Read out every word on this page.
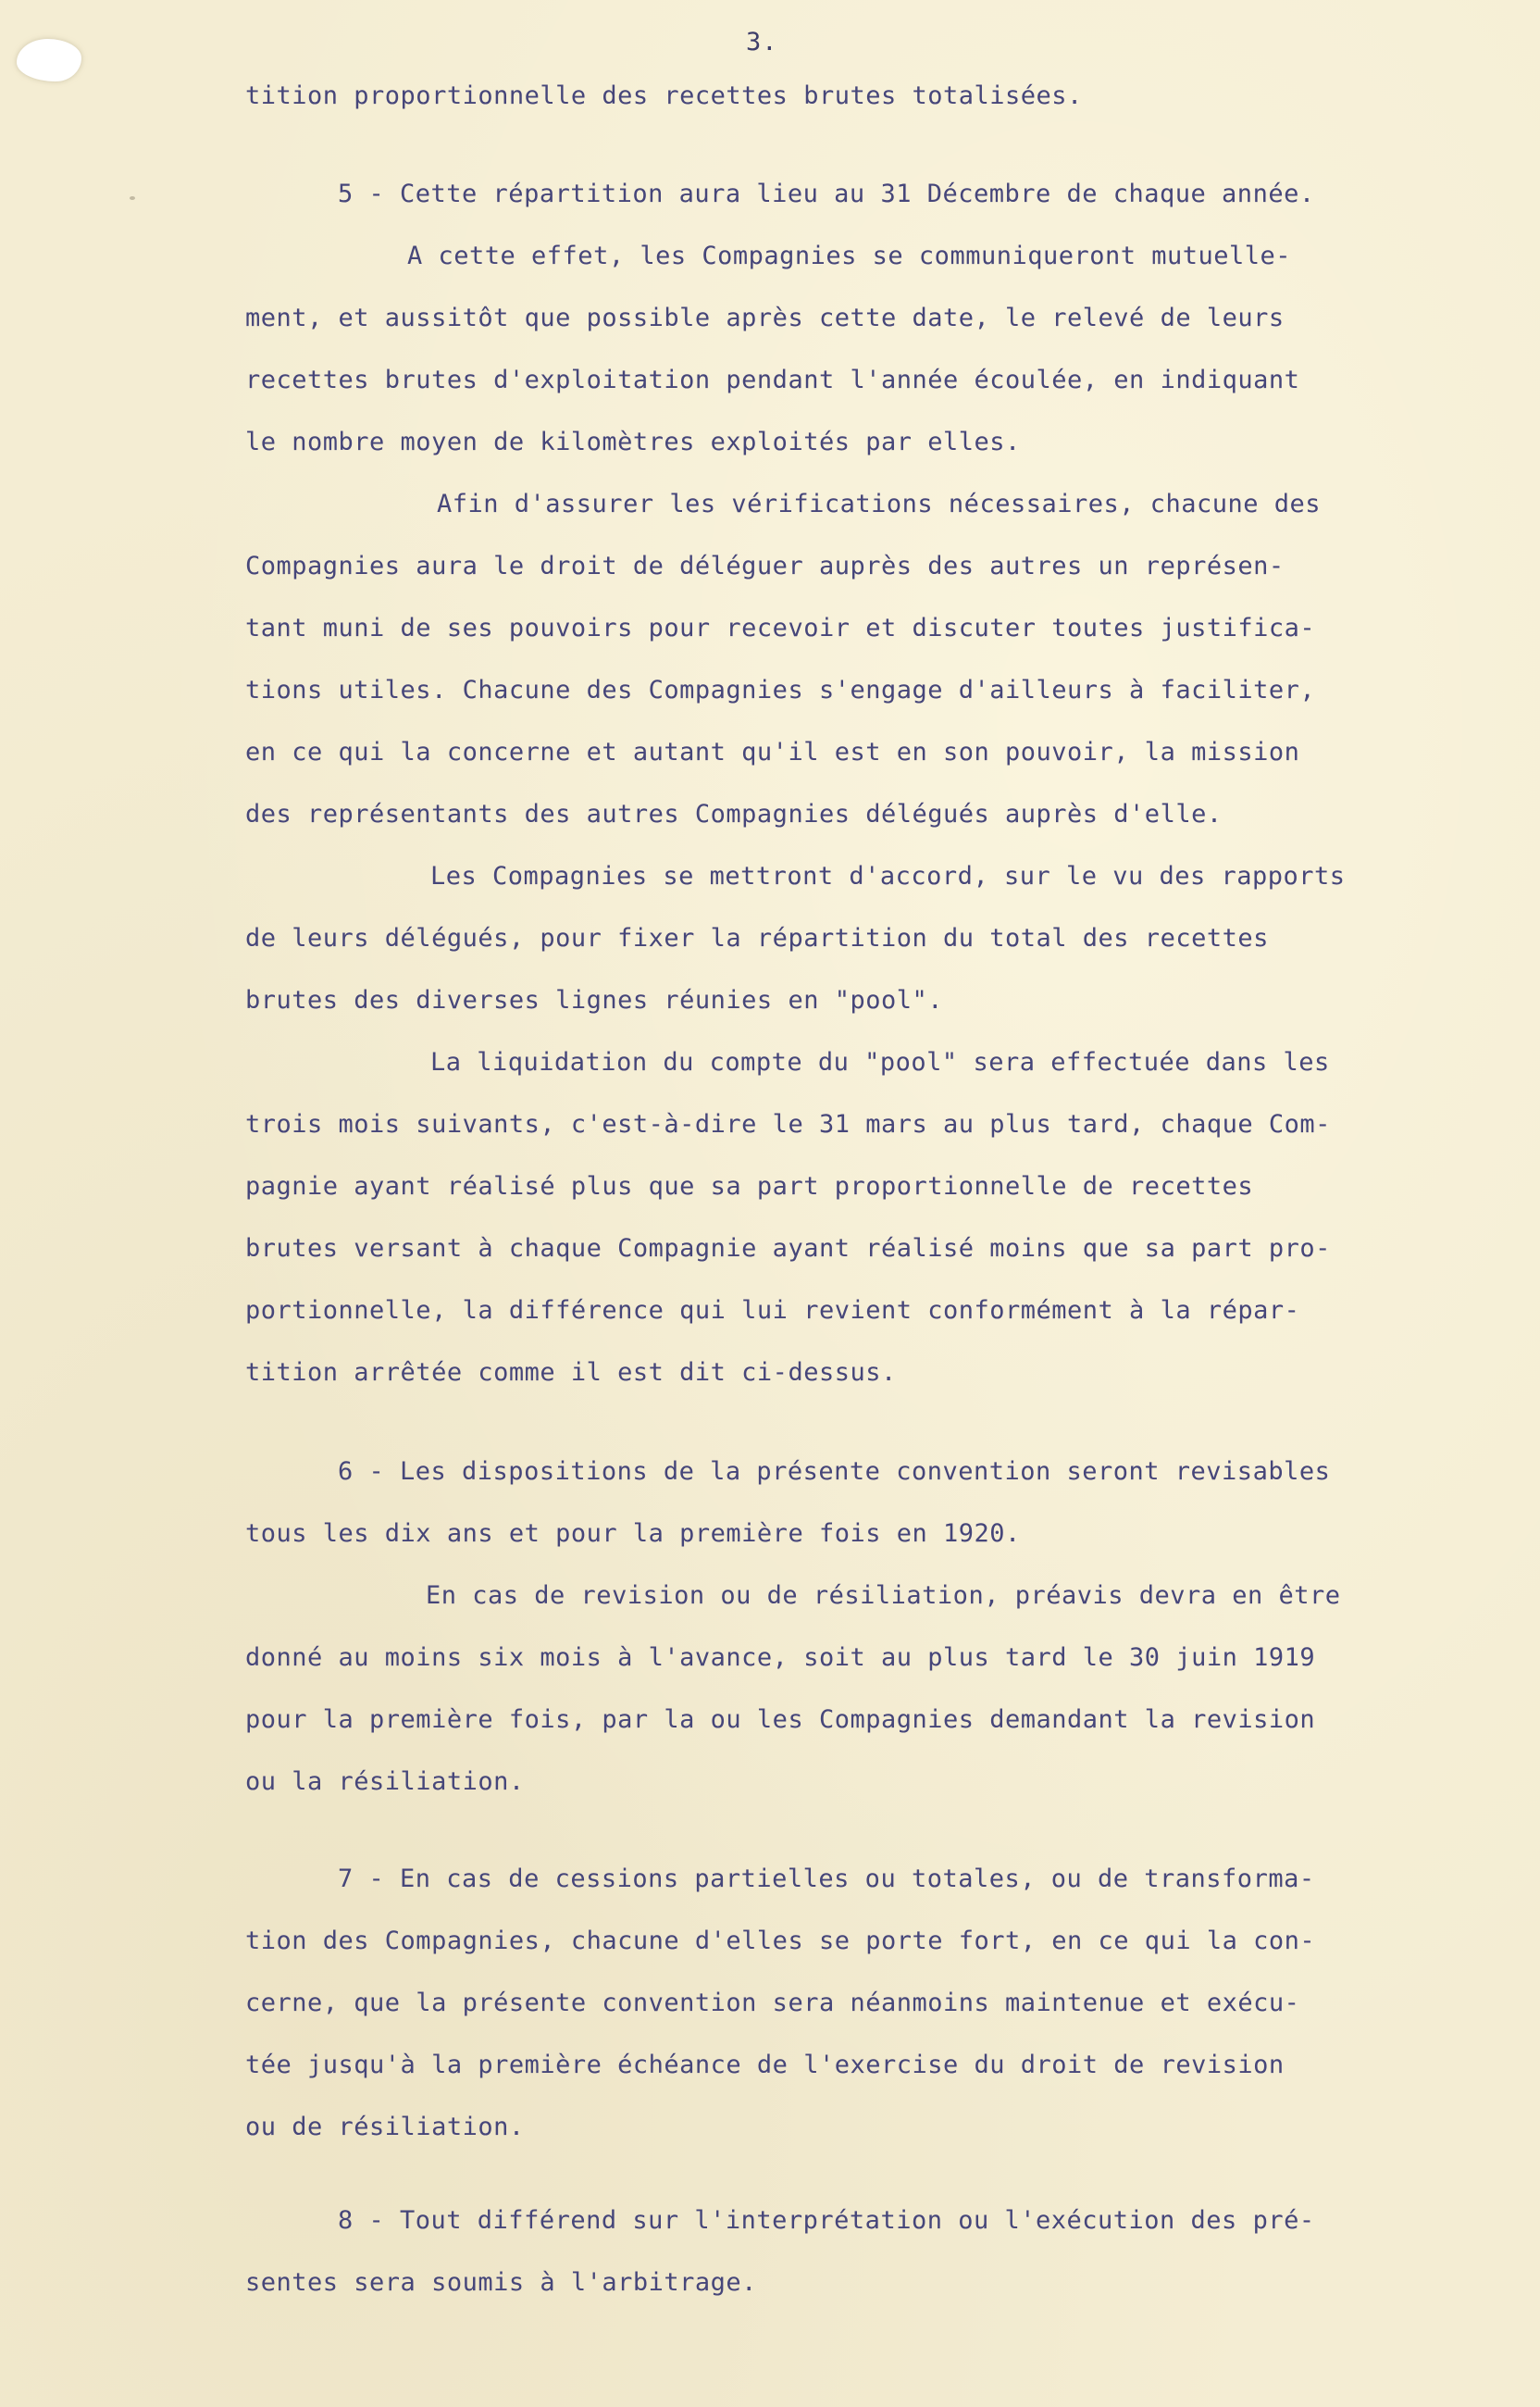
3.
tition proportionnelle des recettes brutes totalisées.
5 - Cette répartition aura lieu au 31 Décembre de chaque année.
A cette effet, les Compagnies se communiqueront mutuelle-
ment, et aussitôt que possible après cette date, le relevé de leurs
recettes brutes d'exploitation pendant l'année écoulée, en indiquant
le nombre moyen de kilomètres exploités par elles.
Afin d'assurer les vérifications nécessaires, chacune des
Compagnies aura le droit de déléguer auprès des autres un représen-
tant muni de ses pouvoirs pour recevoir et discuter toutes justifica-
tions utiles. Chacune des Compagnies s'engage d'ailleurs à faciliter,
en ce qui la concerne et autant qu'il est en son pouvoir, la mission
des représentants des autres Compagnies délégués auprès d'elle.
Les Compagnies se mettront d'accord, sur le vu des rapports
de leurs délégués, pour fixer la répartition du total des recettes
brutes des diverses lignes réunies en "pool".
La liquidation du compte du "pool" sera effectuée dans les
trois mois suivants, c'est-à-dire le 31 mars au plus tard, chaque Com-
pagnie ayant réalisé plus que sa part proportionnelle de recettes
brutes versant à chaque Compagnie ayant réalisé moins que sa part pro-
portionnelle, la différence qui lui revient conformément à la répar-
tition arrêtée comme il est dit ci-dessus.
6 - Les dispositions de la présente convention seront revisables
tous les dix ans et pour la première fois en 1920.
En cas de revision ou de résiliation, préavis devra en être
donné au moins six mois à l'avance, soit au plus tard le 30 juin 1919
pour la première fois, par la ou les Compagnies demandant la revision
ou la résiliation.
7 - En cas de cessions partielles ou totales, ou de transforma-
tion des Compagnies, chacune d'elles se porte fort, en ce qui la con-
cerne, que la présente convention sera néanmoins maintenue et exécu-
tée jusqu'à la première échéance de l'exercise du droit de revision
ou de résiliation.
8 - Tout différend sur l'interprétation ou l'exécution des pré-
sentes sera soumis à l'arbitrage.
